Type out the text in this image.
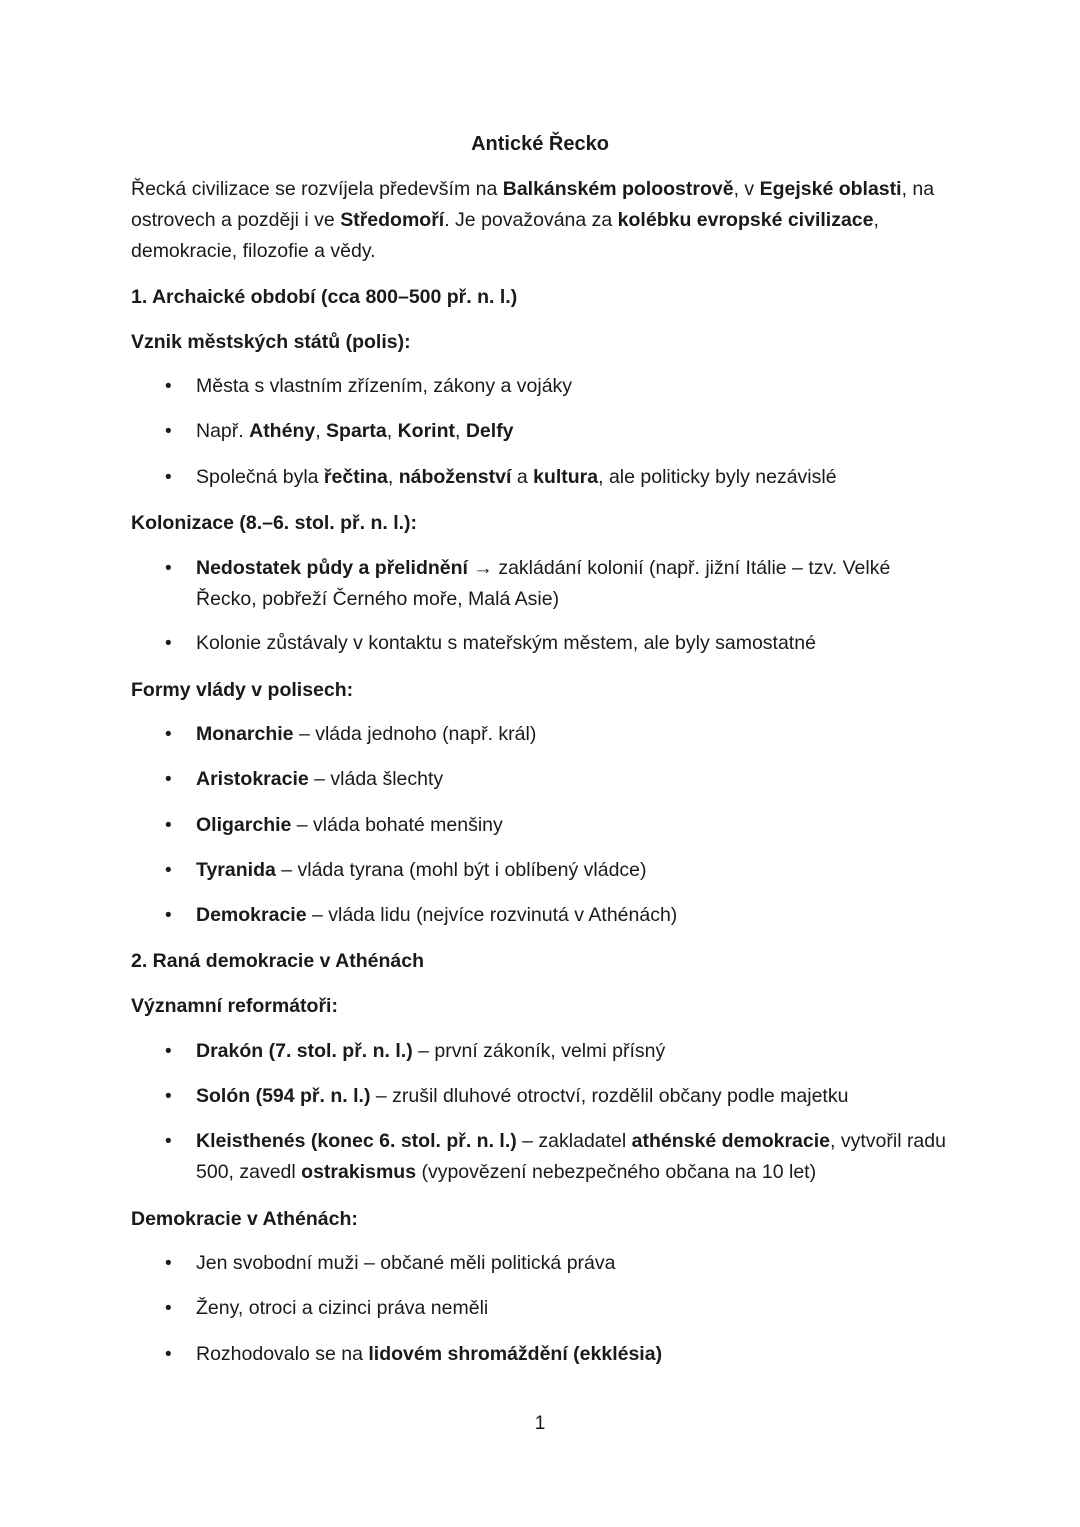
Antické Řecko
Řecká civilizace se rozvíjela především na Balkánském poloostrově, v Egejské oblasti, na ostrovech a později i ve Středomoří. Je považována za kolébku evropské civilizace, demokracie, filozofie a vědy.
1. Archaické období (cca 800–500 př. n. l.)
Vznik městských států (polis):
• Města s vlastním zřízením, zákony a vojáky
• Např. Athény, Sparta, Korint, Delfy
• Společná byla řečtina, náboženství a kultura, ale politicky byly nezávislé
Kolonizace (8.–6. stol. př. n. l.):
• Nedostatek půdy a přelidnění → zakládání kolonií (např. jižní Itálie – tzv. Velké Řecko, pobřeží Černého moře, Malá Asie)
• Kolonie zůstávaly v kontaktu s mateřským městem, ale byly samostatné
Formy vlády v polisech:
• Monarchie – vláda jednoho (např. král)
• Aristokracie – vláda šlechty
• Oligarchie – vláda bohaté menšiny
• Tyranida – vláda tyrana (mohl být i oblíbený vládce)
• Demokracie – vláda lidu (nejvíce rozvinutá v Athénách)
2. Raná demokracie v Athénách
Významní reformátoři:
• Drakón (7. stol. př. n. l.) – první zákoník, velmi přísný
• Solón (594 př. n. l.) – zrušil dluhové otroctví, rozdělil občany podle majetku
• Kleisthenés (konec 6. stol. př. n. l.) – zakladatel athénské demokracie, vytvořil radu 500, zavedl ostrakismus (vypovězení nebezpečného občana na 10 let)
Demokracie v Athénách:
• Jen svobodní muži – občané měli politická práva
• Ženy, otroci a cizinci práva neměli
• Rozhodovalo se na lidovém shromáždění (ekklésia)
1
